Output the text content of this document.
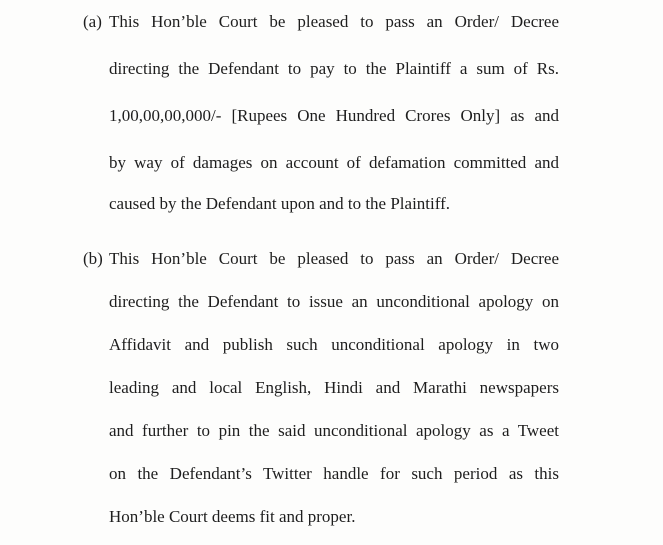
(a) This Hon’ble Court be pleased to pass an Order/ Decree
directing the Defendant to pay to the Plaintiff a sum of Rs.
1,00,00,00,000/- [Rupees One Hundred Crores Only] as and
by way of damages on account of defamation committed and
caused by the Defendant upon and to the Plaintiff.
(b) This Hon’ble Court be pleased to pass an Order/ Decree
directing the Defendant to issue an unconditional apology on
Affidavit and publish such unconditional apology in two
leading and local English, Hindi and Marathi newspapers
and further to pin the said unconditional apology as a Tweet
on the Defendant’s Twitter handle for such period as this
Hon’ble Court deems fit and proper.
